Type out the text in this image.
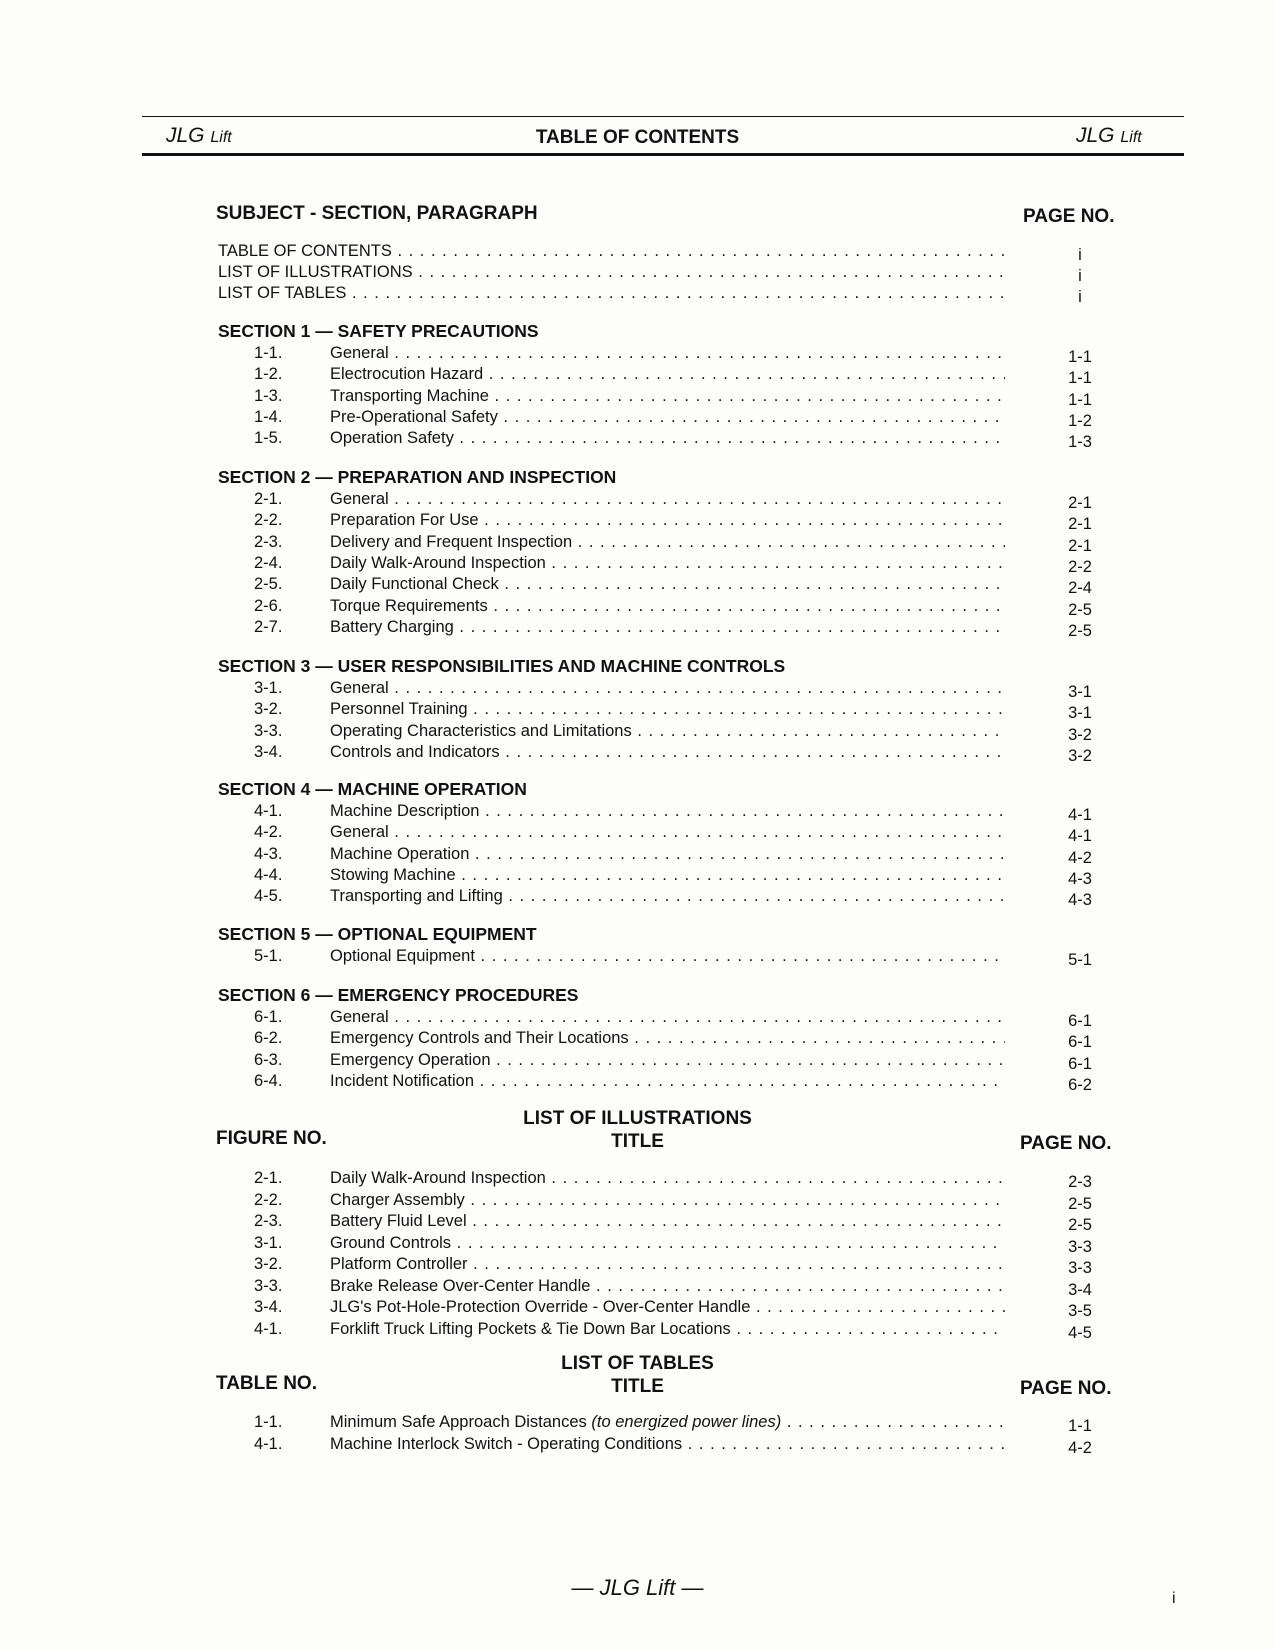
JLG Lift	TABLE OF CONTENTS	JLG Lift
SUBJECT - SECTION, PARAGRAPH	PAGE NO.
TABLE OF CONTENTS . . .	i
LIST OF ILLUSTRATIONS . . .	i
LIST OF TABLES . . .	i
SECTION 1 — SAFETY PRECAUTIONS
1-1.	General . . .	1-1
1-2.	Electrocution Hazard . . .	1-1
1-3.	Transporting Machine . . .	1-1
1-4.	Pre-Operational Safety . . .	1-2
1-5.	Operation Safety . . .	1-3
SECTION 2 — PREPARATION AND INSPECTION
2-1.	General . . .	2-1
2-2.	Preparation For Use . . .	2-1
2-3.	Delivery and Frequent Inspection . . .	2-1
2-4.	Daily Walk-Around Inspection . . .	2-2
2-5.	Daily Functional Check . . .	2-4
2-6.	Torque Requirements . . .	2-5
2-7.	Battery Charging . . .	2-5
SECTION 3 — USER RESPONSIBILITIES AND MACHINE CONTROLS
3-1.	General . . .	3-1
3-2.	Personnel Training . . .	3-1
3-3.	Operating Characteristics and Limitations . . .	3-2
3-4.	Controls and Indicators . . .	3-2
SECTION 4 — MACHINE OPERATION
4-1.	Machine Description . . .	4-1
4-2.	General . . .	4-1
4-3.	Machine Operation . . .	4-2
4-4.	Stowing Machine . . .	4-3
4-5.	Transporting and Lifting . . .	4-3
SECTION 5 — OPTIONAL EQUIPMENT
5-1.	Optional Equipment . . .	5-1
SECTION 6 — EMERGENCY PROCEDURES
6-1.	General . . .	6-1
6-2.	Emergency Controls and Their Locations . . .	6-1
6-3.	Emergency Operation . . .	6-1
6-4.	Incident Notification . . .	6-2
LIST OF ILLUSTRATIONS
FIGURE NO.	TITLE	PAGE NO.
2-1.	Daily Walk-Around Inspection . . .	2-3
2-2.	Charger Assembly . . .	2-5
2-3.	Battery Fluid Level . . .	2-5
3-1.	Ground Controls . . .	3-3
3-2.	Platform Controller . . .	3-3
3-3.	Brake Release Over-Center Handle . . .	3-4
3-4.	JLG's Pot-Hole-Protection Override - Over-Center Handle . . .	3-5
4-1.	Forklift Truck Lifting Pockets & Tie Down Bar Locations . . .	4-5
LIST OF TABLES
TABLE NO.	TITLE	PAGE NO.
1-1.	Minimum Safe Approach Distances (to energized power lines) . . .	1-1
4-1.	Machine Interlock Switch - Operating Conditions . . .	4-2
— JLG Lift —	i
